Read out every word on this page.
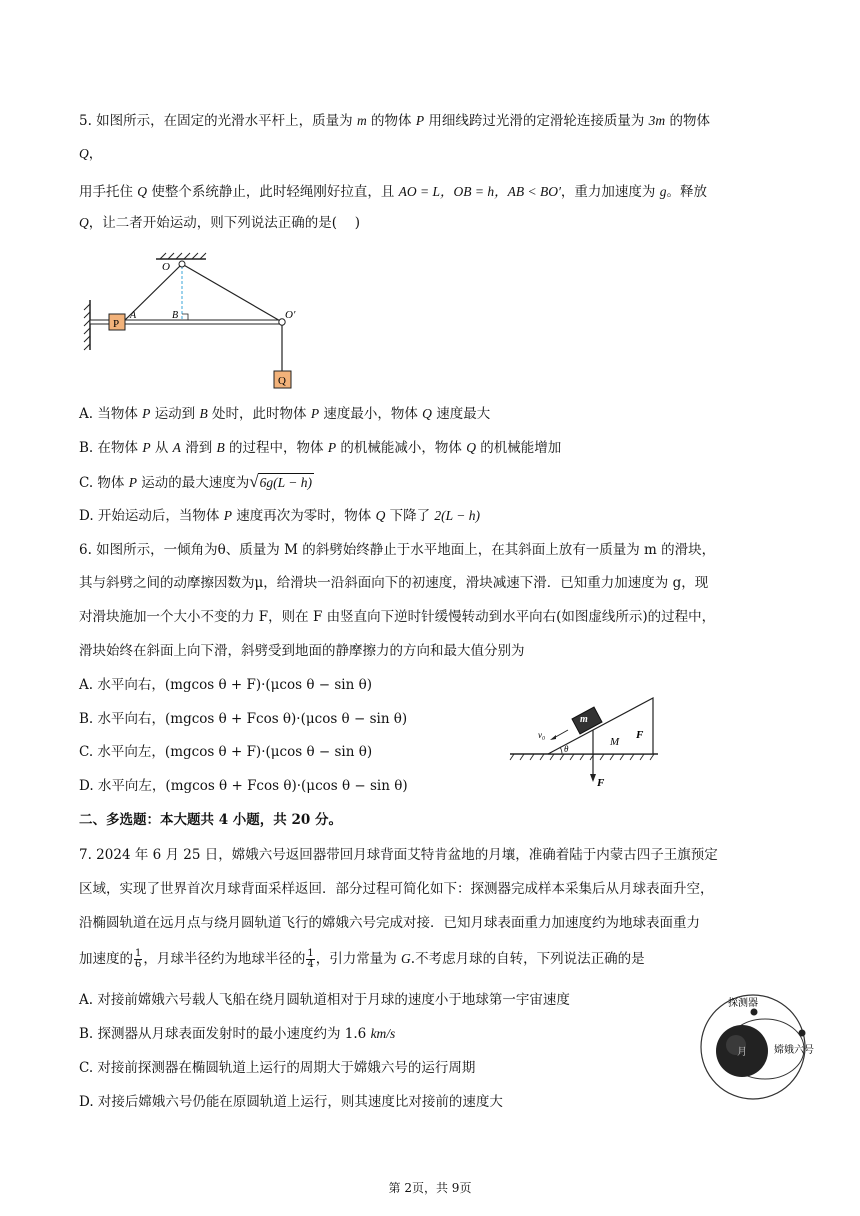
5. 如图所示，在固定的光滑水平杆上，质量为 m 的物体 P 用细线跨过光滑的定滑轮连接质量为 3m 的物体
Q，
用手托住 Q 使整个系统静止，此时轻绳刚好拉直，且 AO = L，OB = h，AB < BO′，重力加速度为 g。释放
Q，让二者开始运动，则下列说法正确的是(　 )
P
Q
O
O′
A	B
A. 当物体 P 运动到 B 处时，此时物体 P 速度最小，物体 Q 速度最大
B. 在物体 P 从 A 滑到 B 的过程中，物体 P 的机械能减小，物体 Q 的机械能增加
C. 物体 P 运动的最大速度为√6g(L − h)
D. 开始运动后，当物体 P 速度再次为零时，物体 Q 下降了 2(L − h)
6. 如图所示，一倾角为θ、质量为 M 的斜劈始终静止于水平地面上，在其斜面上放有一质量为 m 的滑块，
其与斜劈之间的动摩擦因数为μ，给滑块一沿斜面向下的初速度，滑块减速下滑．已知重力加速度为 g，现
对滑块施加一个大小不变的力 F，则在 F 由竖直向下逆时针缓慢转动到水平向右(如图虚线所示)的过程中，
滑块始终在斜面上向下滑，斜劈受到地面的静摩擦力的方向和最大值分别为
A. 水平向右，(mgcos θ + F)·(μcos θ − sin θ)
B. 水平向右，(mgcos θ + Fcos θ)·(μcos θ − sin θ)
C. 水平向左，(mgcos θ + F)·(μcos θ − sin θ)
D. 水平向左，(mgcos θ + Fcos θ)·(μcos θ − sin θ)
θ
m
v₀
M
F
F
二、多选题：本大题共 4 小题，共 20 分。
7. 2024 年 6 月 25 日，嫦娥六号返回器带回月球背面艾特肯盆地的月壤，准确着陆于内蒙古四子王旗预定
区域，实现了世界首次月球背面采样返回．部分过程可简化如下：探测器完成样本采集后从月球表面升空，
沿椭圆轨道在远月点与绕月圆轨道飞行的嫦娥六号完成对接．已知月球表面重力加速度约为地球表面重力
加速度的 $\frac{1}{6}$ ，月球半径约为地球半径的 $\frac{1}{4}$ ，引力常量为 G.不考虑月球的自转，下列说法正确的是
A. 对接前嫦娥六号载人飞船在绕月圆轨道相对于月球的速度小于地球第一宇宙速度
B. 探测器从月球表面发射时的最小速度约为 1.6 km/s
C. 对接前探测器在椭圆轨道上运行的周期大于嫦娥六号的运行周期
D. 对接后嫦娥六号仍能在原圆轨道上运行，则其速度比对接前的速度大
月
探测器
嫦娥六号
第 2页，共 9页
